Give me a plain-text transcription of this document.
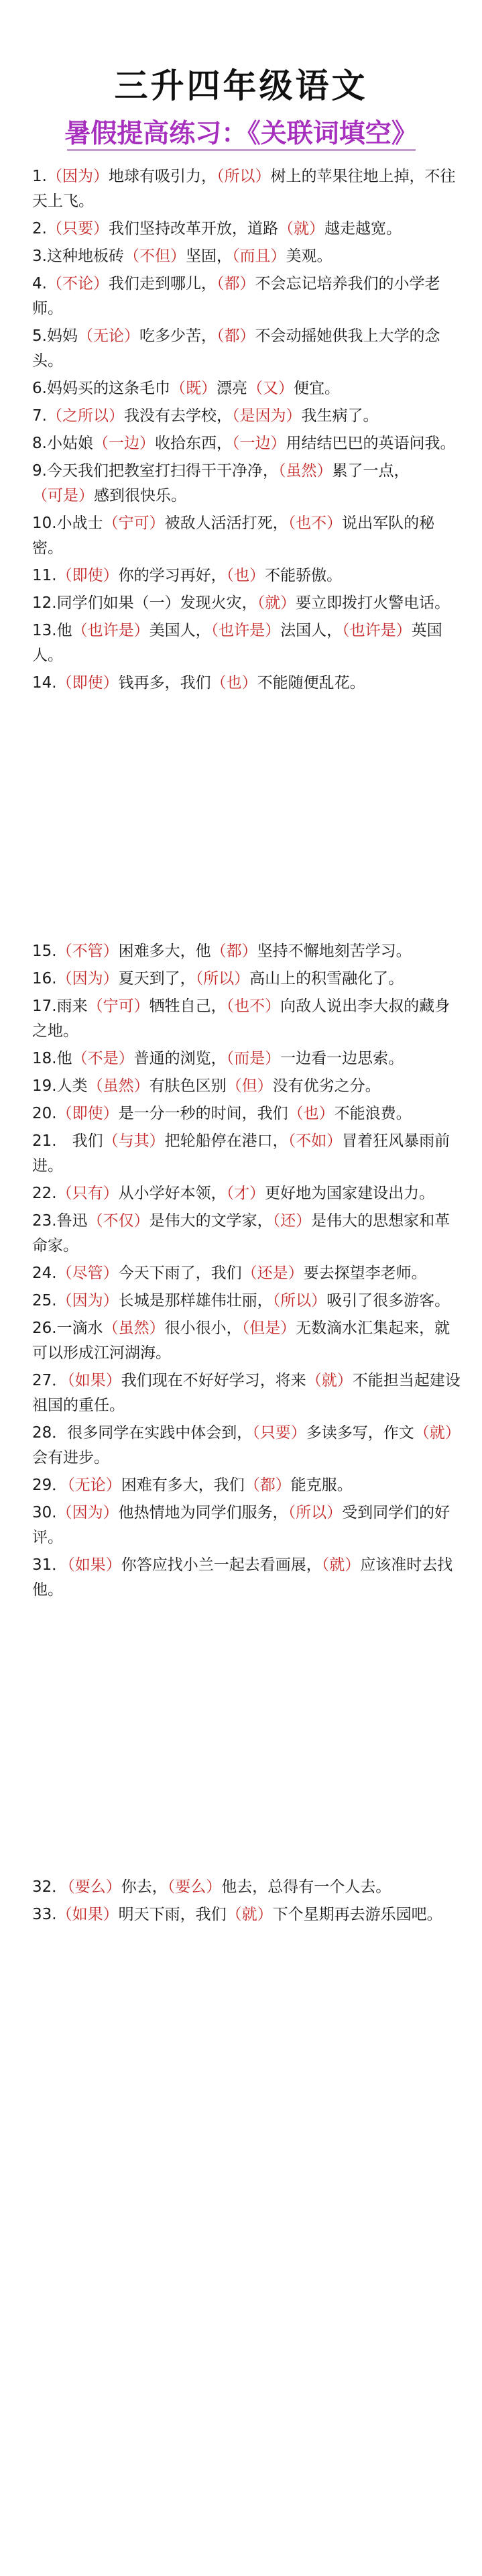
三升四年级语文
暑假提高练习：《关联词填空》

1.（因为）地球有吸引力，（所以）树上的苹果往地上掉，不往天上飞。

2.（只要）我们坚持改革开放，道路（就）越走越宽。

3.这种地板砖（不但）坚固，（而且）美观。

4.（不论）我们走到哪儿，（都）不会忘记培养我们的小学老师。

5.妈妈（无论）吃多少苦，（都）不会动摇她供我上大学的念头。

6.妈妈买的这条毛巾（既）漂亮（又）便宜。

7.（之所以）我没有去学校，（是因为）我生病了。

8.小姑娘（一边）收拾东西，（一边）用结结巴巴的英语问我。

9.今天我们把教室打扫得干干净净，（虽然）累了一点，（可是）感到很快乐。

10.小战士（宁可）被敌人活活打死，（也不）说出军队的秘密。

11.（即使）你的学习再好，（也）不能骄傲。

12.同学们如果（一）发现火灾，（就）要立即拨打火警电话。

13.他（也许是）美国人，（也许是）法国人，（也许是）英国人。

14.（即使）钱再多，我们（也）不能随便乱花。

15.（不管）困难多大，他（都）坚持不懈地刻苦学习。

16.（因为）夏天到了，（所以）高山上的积雪融化了。

17.雨来（宁可）牺牲自己，（也不）向敌人说出李大叔的藏身之地。

18.他（不是）普通的浏览，（而是）一边看一边思索。

19.人类（虽然）有肤色区别（但）没有优劣之分。

20.（即使）是一分一秒的时间，我们（也）不能浪费。

21.　我们（与其）把轮船停在港口，（不如）冒着狂风暴雨前进。

22.（只有）从小学好本领，（才）更好地为国家建设出力。

23.鲁迅（不仅）是伟大的文学家，（还）是伟大的思想家和革命家。

24.（尽管）今天下雨了，我们（还是）要去探望李老师。

25.（因为）长城是那样雄伟壮丽，（所以）吸引了很多游客。

26.一滴水（虽然）很小很小，（但是）无数滴水汇集起来，就可以形成江河湖海。

27．（如果）我们现在不好好学习，将来（就）不能担当起建设祖国的重任。

28．很多同学在实践中体会到，（只要）多读多写，作文（就）会有进步。

29．（无论）困难有多大，我们（都）能克服。

30.（因为）他热情地为同学们服务，（所以）受到同学们的好评。

31．（如果）你答应找小兰一起去看画展，（就）应该准时去找他。

32．（要么）你去，（要么）他去，总得有一个人去。

33.（如果）明天下雨，我们（就）下个星期再去游乐园吧。
